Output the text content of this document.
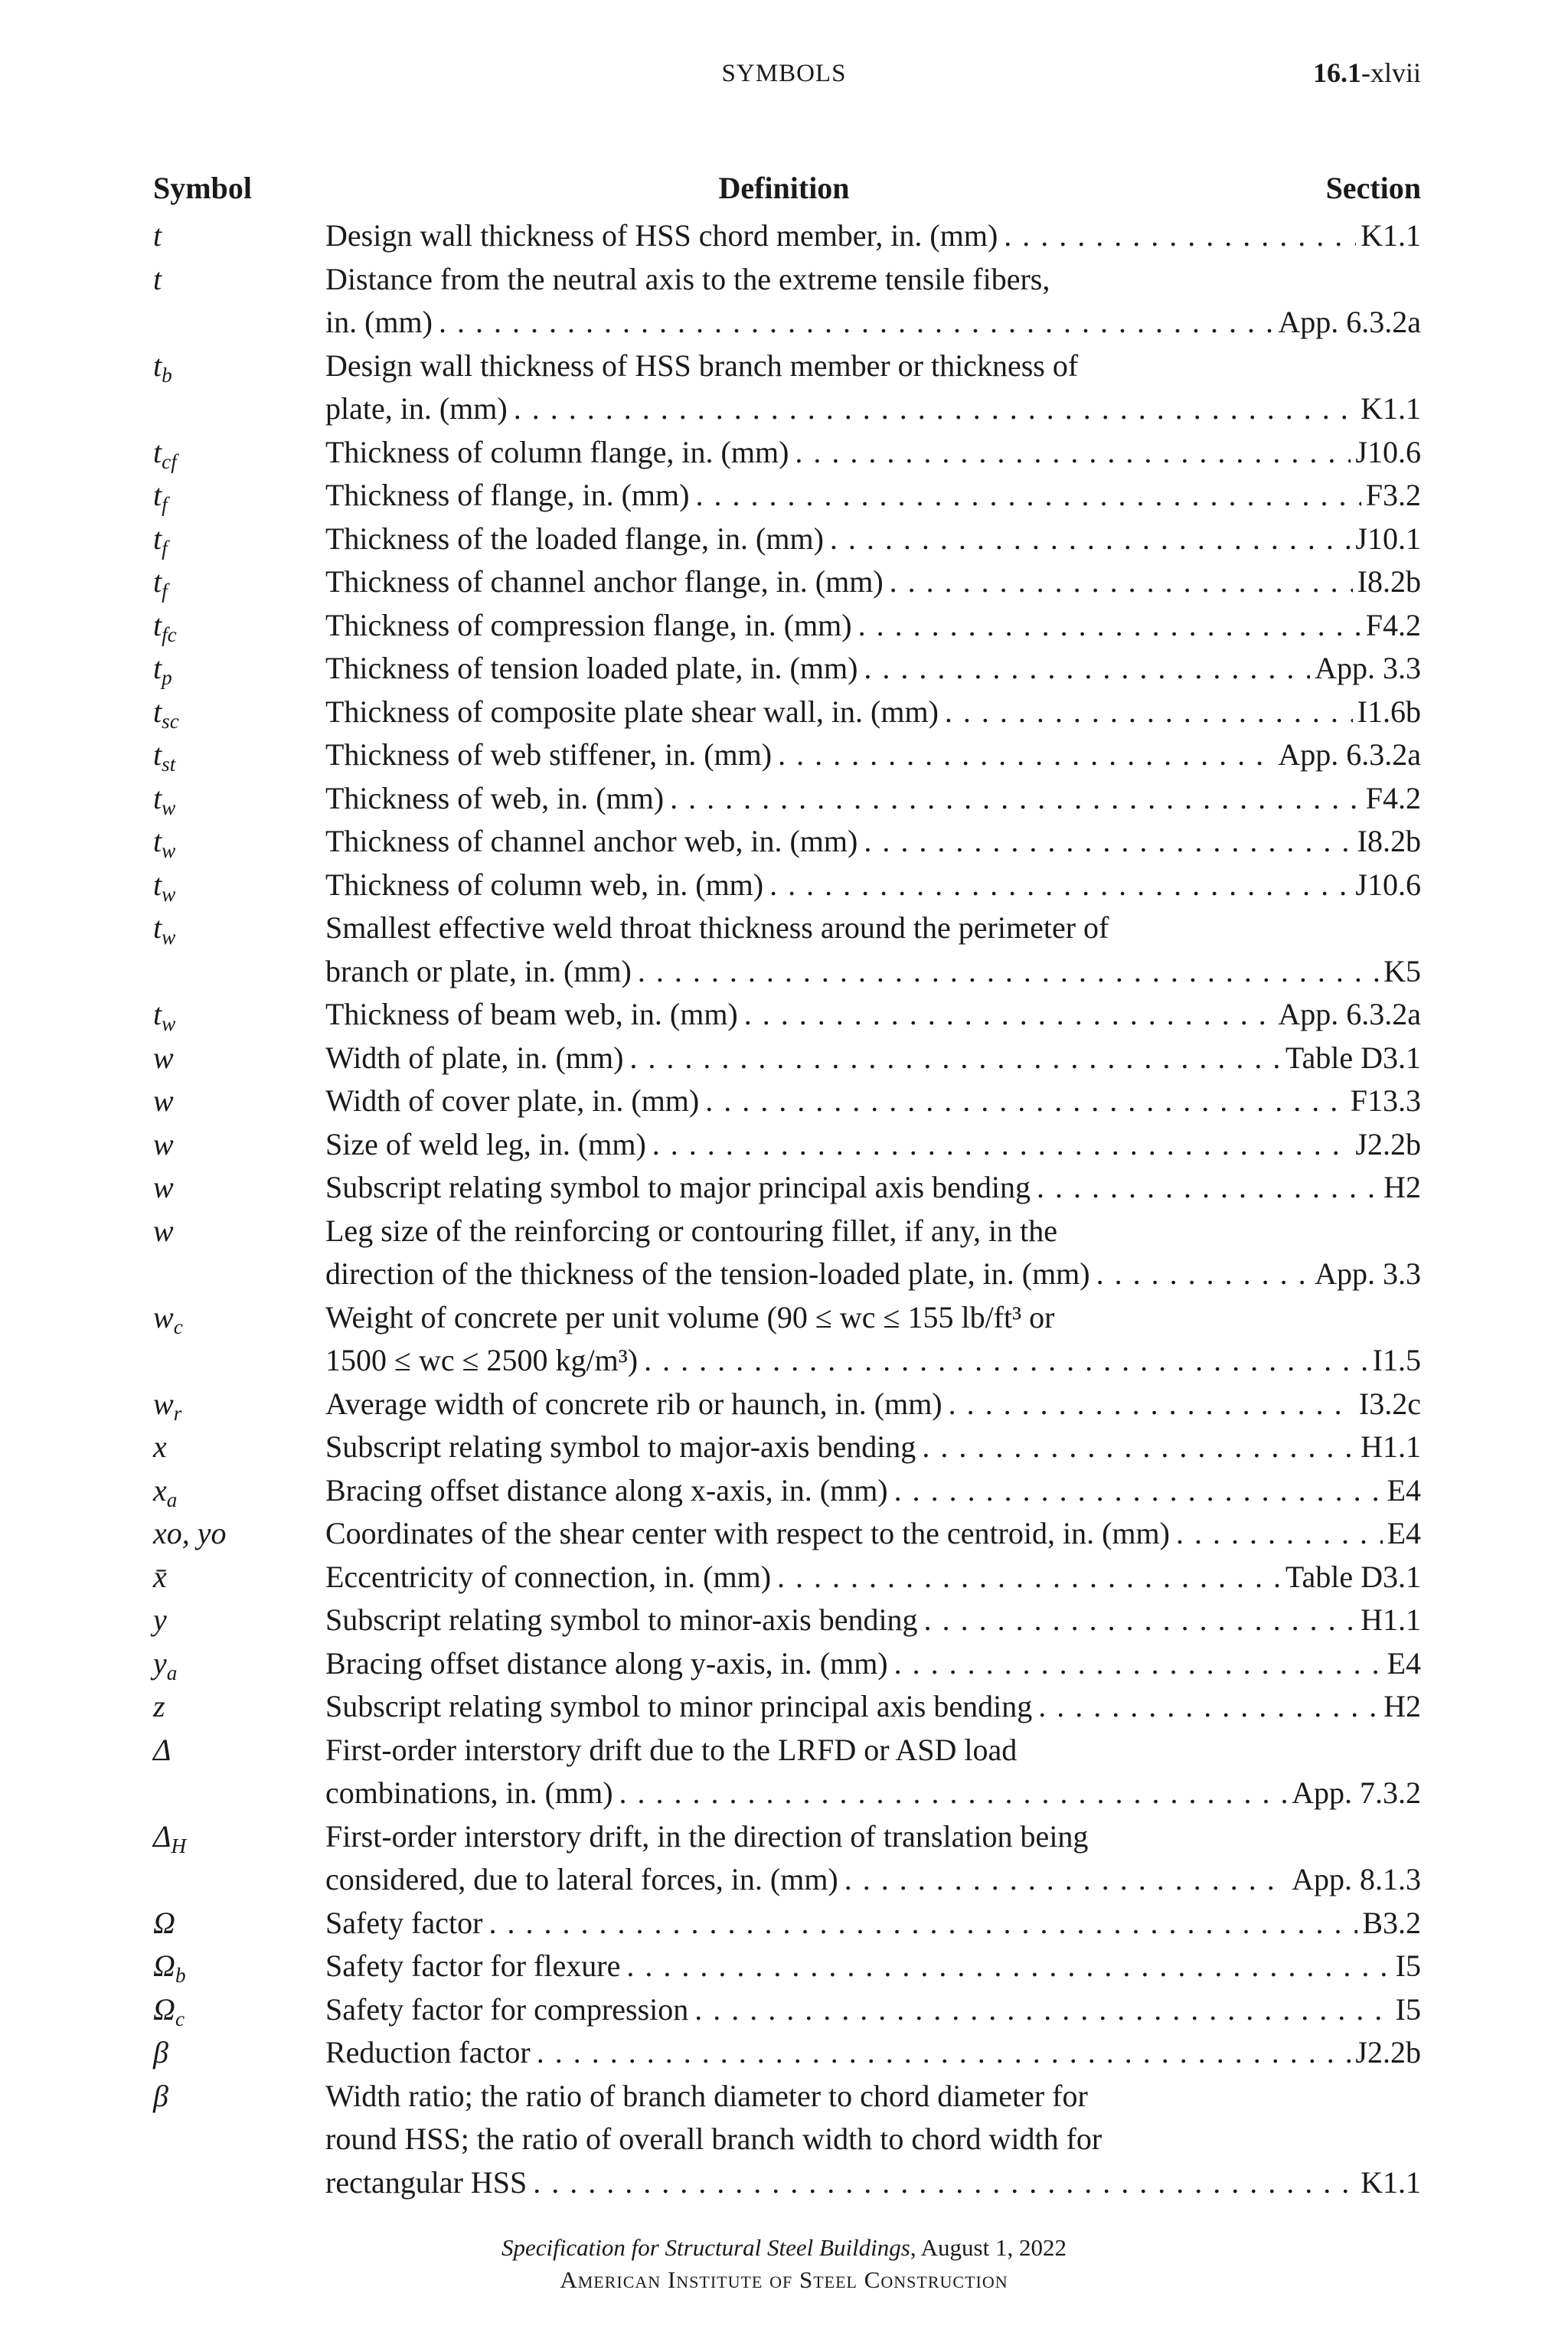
SYMBOLS	16.1-xlvii
Symbol	Definition	Section
t	Design wall thickness of HSS chord member, in. (mm) . . .	K1.1
t	Distance from the neutral axis to the extreme tensile fibers,
in. (mm) . . .	App. 6.3.2a
$t_b$	Design wall thickness of HSS branch member or thickness of
plate, in. (mm) . . .	K1.1
$t_{cf}$	Thickness of column flange, in. (mm) . . .	J10.6
$t_f$	Thickness of flange, in. (mm) . . .	F3.2
$t_f$	Thickness of the loaded flange, in. (mm) . . .	J10.1
$t_f$	Thickness of channel anchor flange, in. (mm) . . .	I8.2b
$t_{fc}$	Thickness of compression flange, in. (mm) . . .	F4.2
$t_p$	Thickness of tension loaded plate, in. (mm) . . .	App. 3.3
$t_{sc}$	Thickness of composite plate shear wall, in. (mm) . . .	I1.6b
$t_{st}$	Thickness of web stiffener, in. (mm) . . .	App. 6.3.2a
$t_w$	Thickness of web, in. (mm) . . .	F4.2
$t_w$	Thickness of channel anchor web, in. (mm) . . .	I8.2b
$t_w$	Thickness of column web, in. (mm) . . .	J10.6
$t_w$	Smallest effective weld throat thickness around the perimeter of
branch or plate, in. (mm) . . .	K5
$t_w$	Thickness of beam web, in. (mm) . . .	App. 6.3.2a
w	Width of plate, in. (mm) . . .	Table D3.1
w	Width of cover plate, in. (mm) . . .	F13.3
w	Size of weld leg, in. (mm) . . .	J2.2b
w	Subscript relating symbol to major principal axis bending . . .	H2
w	Leg size of the reinforcing or contouring fillet, if any, in the
direction of the thickness of the tension-loaded plate, in. (mm) . . .	App. 3.3
$w_c$	Weight of concrete per unit volume (90 ≤ wc ≤ 155 lb/ft³ or
1500 ≤ wc ≤ 2500 kg/m³) . . .	I1.5
$w_r$	Average width of concrete rib or haunch, in. (mm) . . .	I3.2c
x	Subscript relating symbol to major-axis bending . . .	H1.1
$x_a$	Bracing offset distance along x-axis, in. (mm) . . .	E4
xo, yo	Coordinates of the shear center with respect to the centroid, in. (mm) . . .	E4
x̄	Eccentricity of connection, in. (mm) . . .	Table D3.1
y	Subscript relating symbol to minor-axis bending . . .	H1.1
$y_a$	Bracing offset distance along y-axis, in. (mm) . . .	E4
z	Subscript relating symbol to minor principal axis bending . . .	H2
Δ	First-order interstory drift due to the LRFD or ASD load
combinations, in. (mm) . . .	App. 7.3.2
$\Delta_H$	First-order interstory drift, in the direction of translation being
considered, due to lateral forces, in. (mm) . . .	App. 8.1.3
Ω	Safety factor . . .	B3.2
$\Omega_b$	Safety factor for flexure . . .	I5
$\Omega_c$	Safety factor for compression . . .	I5
β	Reduction factor . . .	J2.2b
β	Width ratio; the ratio of branch diameter to chord diameter for
round HSS; the ratio of overall branch width to chord width for
rectangular HSS . . .	K1.1
Specification for Structural Steel Buildings, August 1, 2022
American Institute of Steel Construction
